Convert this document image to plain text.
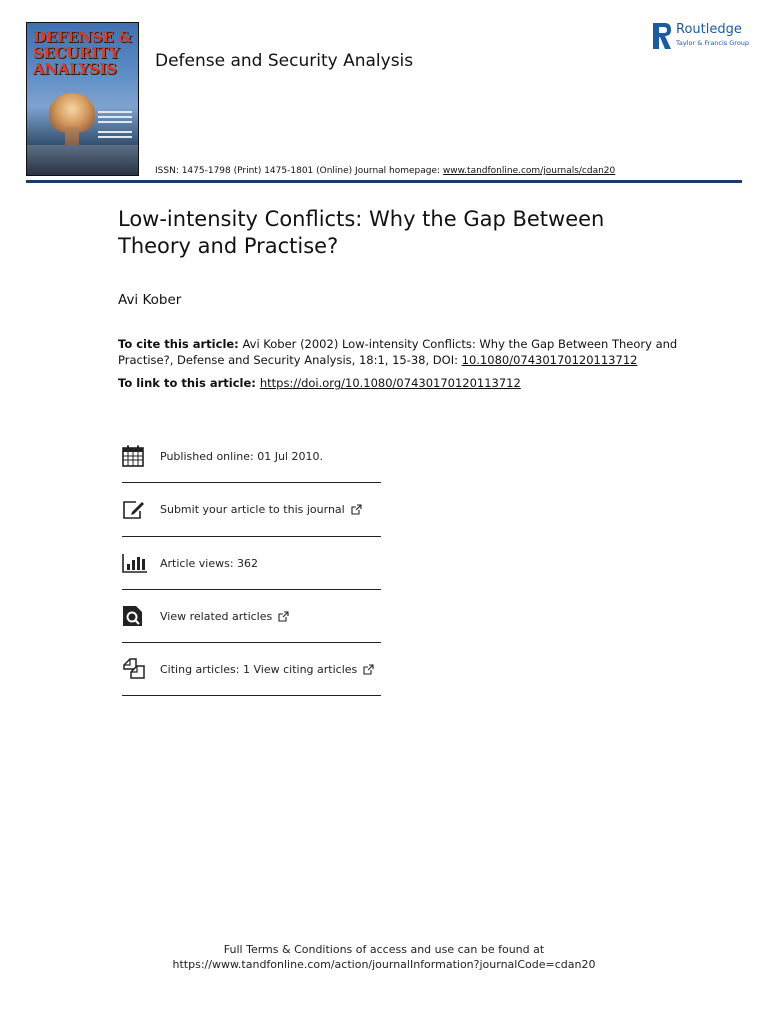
DEFENSE &
SECURITY
ANALYSIS	Defense and Security Analysis
Routledge
Taylor & Francis Group
ISSN: 1475-1798 (Print) 1475-1801 (Online) Journal homepage: www.tandfonline.com/journals/cdan20
Low-intensity Conflicts: Why the Gap Between Theory and Practise?
Avi Kober
To cite this article: Avi Kober (2002) Low-intensity Conflicts: Why the Gap Between Theory and Practise?, Defense and Security Analysis, 18:1, 15-38, DOI: 10.1080/07430170120113712
To link to this article: https://doi.org/10.1080/07430170120113712
Published online: 01 Jul 2010.
Submit your article to this journal
Article views: 362
View related articles
Citing articles: 1 View citing articles
Full Terms & Conditions of access and use can be found at
https://www.tandfonline.com/action/journalInformation?journalCode=cdan20
